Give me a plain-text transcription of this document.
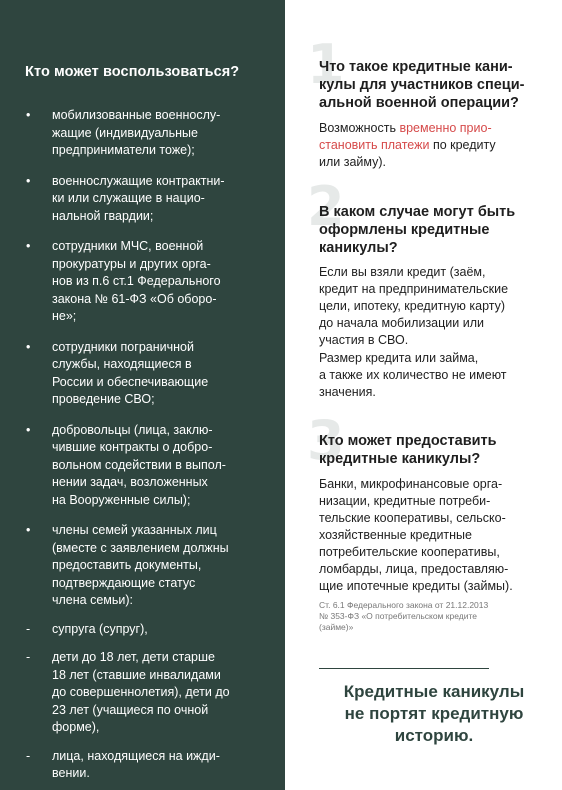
Кто может воспользоваться?
• мобилизованные военнослу-
жащие (индивидуальные
предприниматели тоже);
• военнослужащие контрактни-
ки или служащие в нацио-
нальной гвардии;
• сотрудники МЧС, военной
прокуратуры и других орга-
нов из п.6 ст.1 Федерального
закона № 61-ФЗ «Об оборо-
не»;
• сотрудники пограничной
службы, находящиеся в
России и обеспечивающие
проведение СВО;
• добровольцы (лица, заклю-
чившие контракты о добро-
вольном содействии в выпол-
нении задач, возложенных
на Вооруженные силы);
• члены семей указанных лиц
(вместе с заявлением должны
предоставить документы,
подтверждающие статус
члена семьи):
- супруга (супруг),
- дети до 18 лет, дети старше
18 лет (ставшие инвалидами
до совершеннолетия), дети до
23 лет (учащиеся по очной
форме),
- лица, находящиеся на ижди-
вении.
1

Что такое кредитные кани-
кулы для участников специ-
альной военной операции?

Возможность временно прио-
становить платежи по кредиту
или займу).

2

В каком случае могут быть
оформлены кредитные
каникулы?

Если вы взяли кредит (заём,
кредит на предпринимательские
цели, ипотеку, кредитную карту)
до начала мобилизации или
участия в СВО.

Размер кредита или займа,
а также их количество не имеют
значения.

3

Кто может предоставить
кредитные каникулы?

Банки, микрофинансовые орга-
низации, кредитные потреби-
тельские кооперативы, сельско-
хозяйственные кредитные
потребительские кооперативы,
ломбарды, лица, предоставляю-
щие ипотечные кредиты (займы).

Ст. 6.1 Федерального закона от 21.12.2013
№ 353-ФЗ «О потребительском кредите
(займе)»

Кредитные каникулы
не портят кредитную
историю.
